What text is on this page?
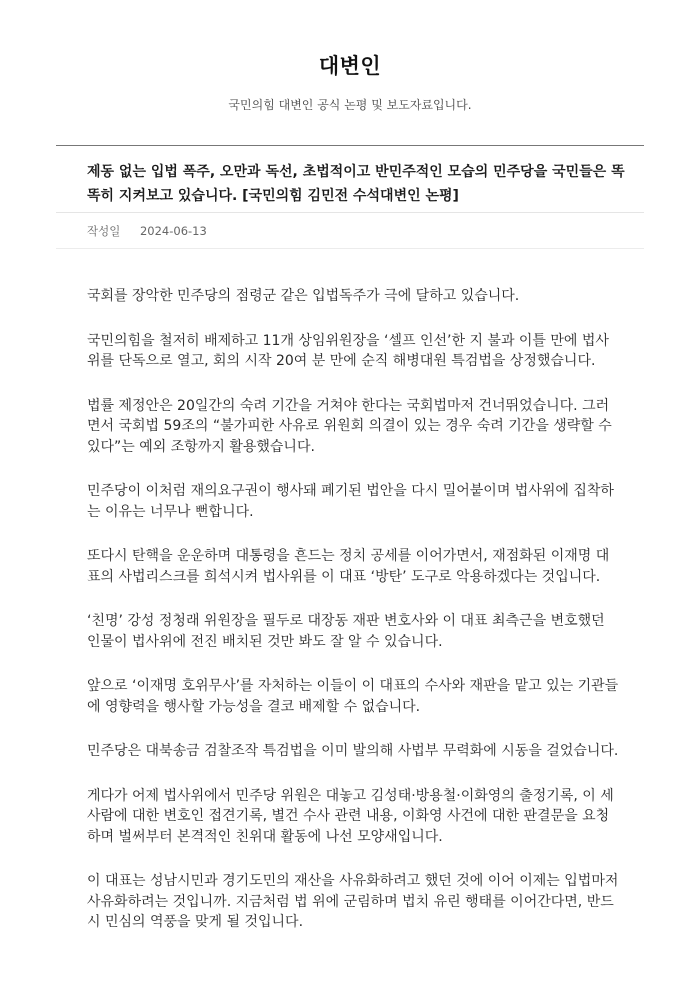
대변인
국민의힘 대변인 공식 논평 및 보도자료입니다.
제동 없는 입법 폭주, 오만과 독선, 초법적이고 반민주적인 모습의 민주당을 국민들은 똑똑히 지켜보고 있습니다. [국민의힘 김민전 수석대변인 논평]
작성일 2024-06-13

국회를 장악한 민주당의 점령군 같은 입법독주가 극에 달하고 있습니다.

국민의힘을 철저히 배제하고 11개 상임위원장을 ‘셀프 인선’한 지 불과 이틀 만에 법사위를 단독으로 열고, 회의 시작 20여 분 만에 순직 해병대원 특검법을 상정했습니다.

법률 제정안은 20일간의 숙려 기간을 거쳐야 한다는 국회법마저 건너뛰었습니다. 그러면서 국회법 59조의 “불가피한 사유로 위원회 의결이 있는 경우 숙려 기간을 생략할 수 있다”는 예외 조항까지 활용했습니다.

민주당이 이처럼 재의요구권이 행사돼 폐기된 법안을 다시 밀어붙이며 법사위에 집착하는 이유는 너무나 뻔합니다.

또다시 탄핵을 운운하며 대통령을 흔드는 정치 공세를 이어가면서, 재점화된 이재명 대표의 사법리스크를 희석시켜 법사위를 이 대표 ‘방탄’ 도구로 악용하겠다는 것입니다.

‘친명’ 강성 정청래 위원장을 필두로 대장동 재판 변호사와 이 대표 최측근을 변호했던 인물이 법사위에 전진 배치된 것만 봐도 잘 알 수 있습니다.

앞으로 ‘이재명 호위무사’를 자처하는 이들이 이 대표의 수사와 재판을 맡고 있는 기관들에 영향력을 행사할 가능성을 결코 배제할 수 없습니다.

민주당은 대북송금 검찰조작 특검법을 이미 발의해 사법부 무력화에 시동을 걸었습니다.

게다가 어제 법사위에서 민주당 위원은 대놓고 김성태·방용철·이화영의 출정기록, 이 세 사람에 대한 변호인 접견기록, 별건 수사 관련 내용, 이화영 사건에 대한 판결문을 요청하며 벌써부터 본격적인 친위대 활동에 나선 모양새입니다.

이 대표는 성남시민과 경기도민의 재산을 사유화하려고 했던 것에 이어 이제는 입법마저 사유화하려는 것입니까. 지금처럼 법 위에 군림하며 법치 유린 행태를 이어간다면, 반드시 민심의 역풍을 맞게 될 것입니다.
